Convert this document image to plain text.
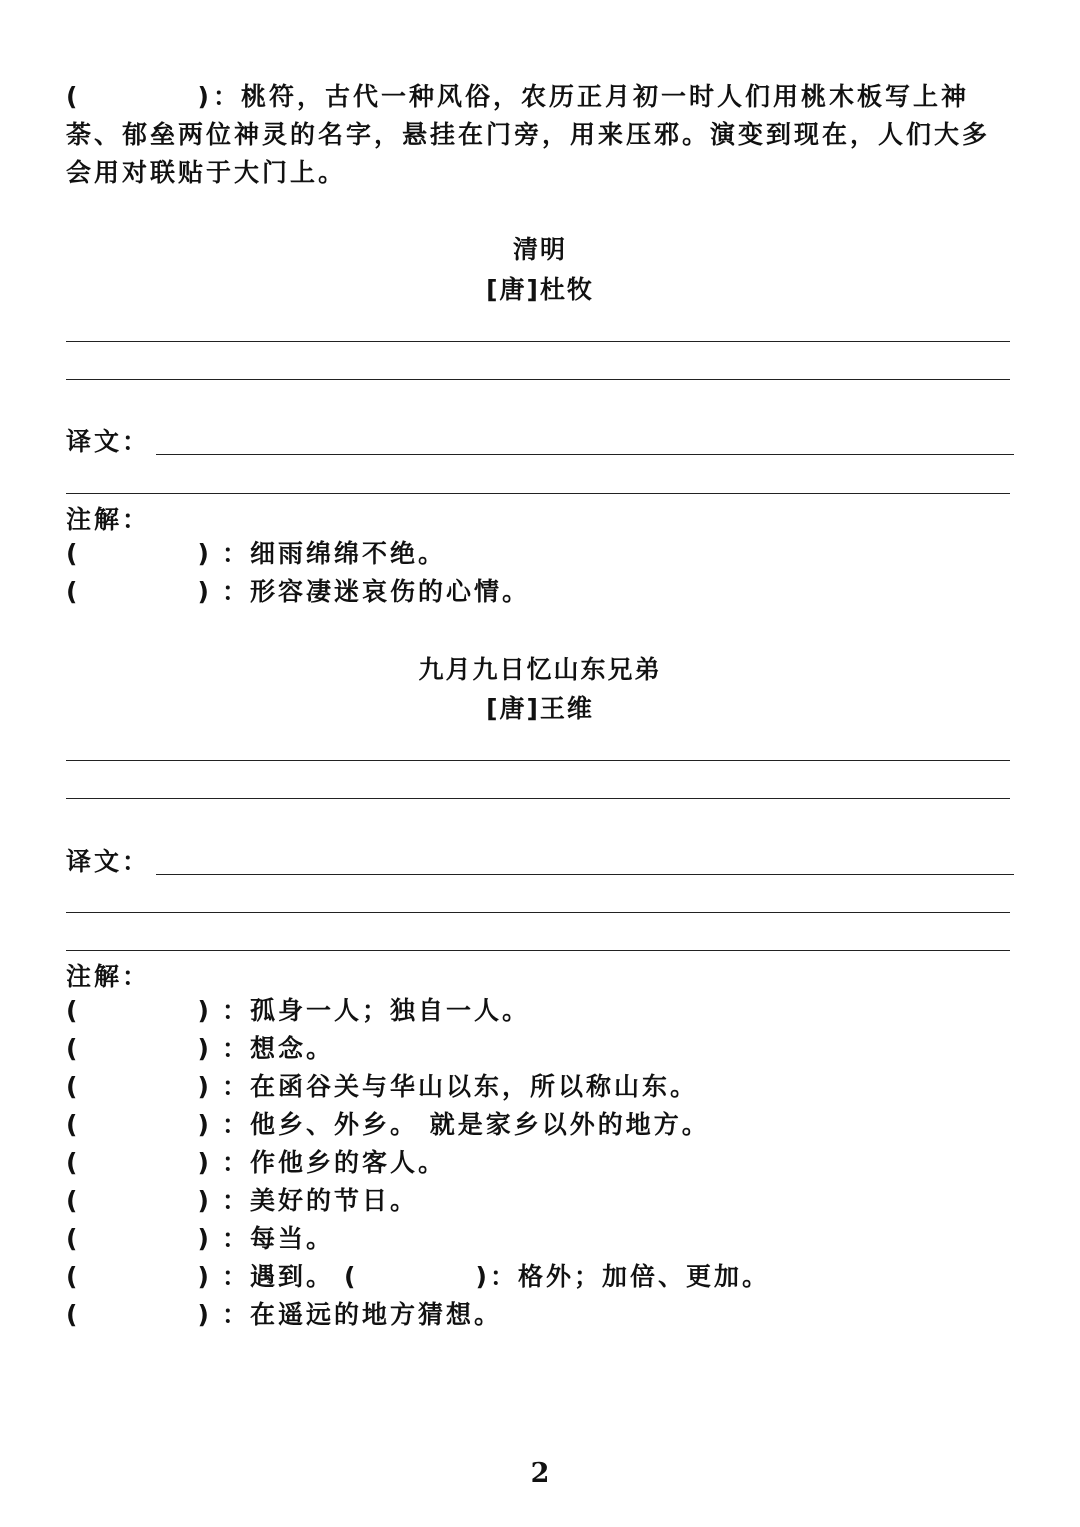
(          )：桃符，古代一种风俗，农历正月初一时人们用桃木板写上神荼、郁垒两位神灵的名字，悬挂在门旁，用来压邪。演变到现在，人们大多会用对联贴于大门上。
清明
[唐]杜牧
译文：
注解：
(          ) ：细雨绵绵不绝。
(          ) ：形容凄迷哀伤的心情。
九月九日忆山东兄弟
[唐]王维
译文：
注解：
(          ) ：孤身一人；独自一人。
(          ) ：想念。
(          ) ：在函谷关与华山以东，所以称山东。
(          ) ：他乡、外乡。 就是家乡以外的地方。
(          ) ：作他乡的客人。
(          ) ：美好的节日。
(          ) ：每当。
(          ) ：遇到。 (          )：格外；加倍、更加。
(          ) ：在遥远的地方猜想。
2
